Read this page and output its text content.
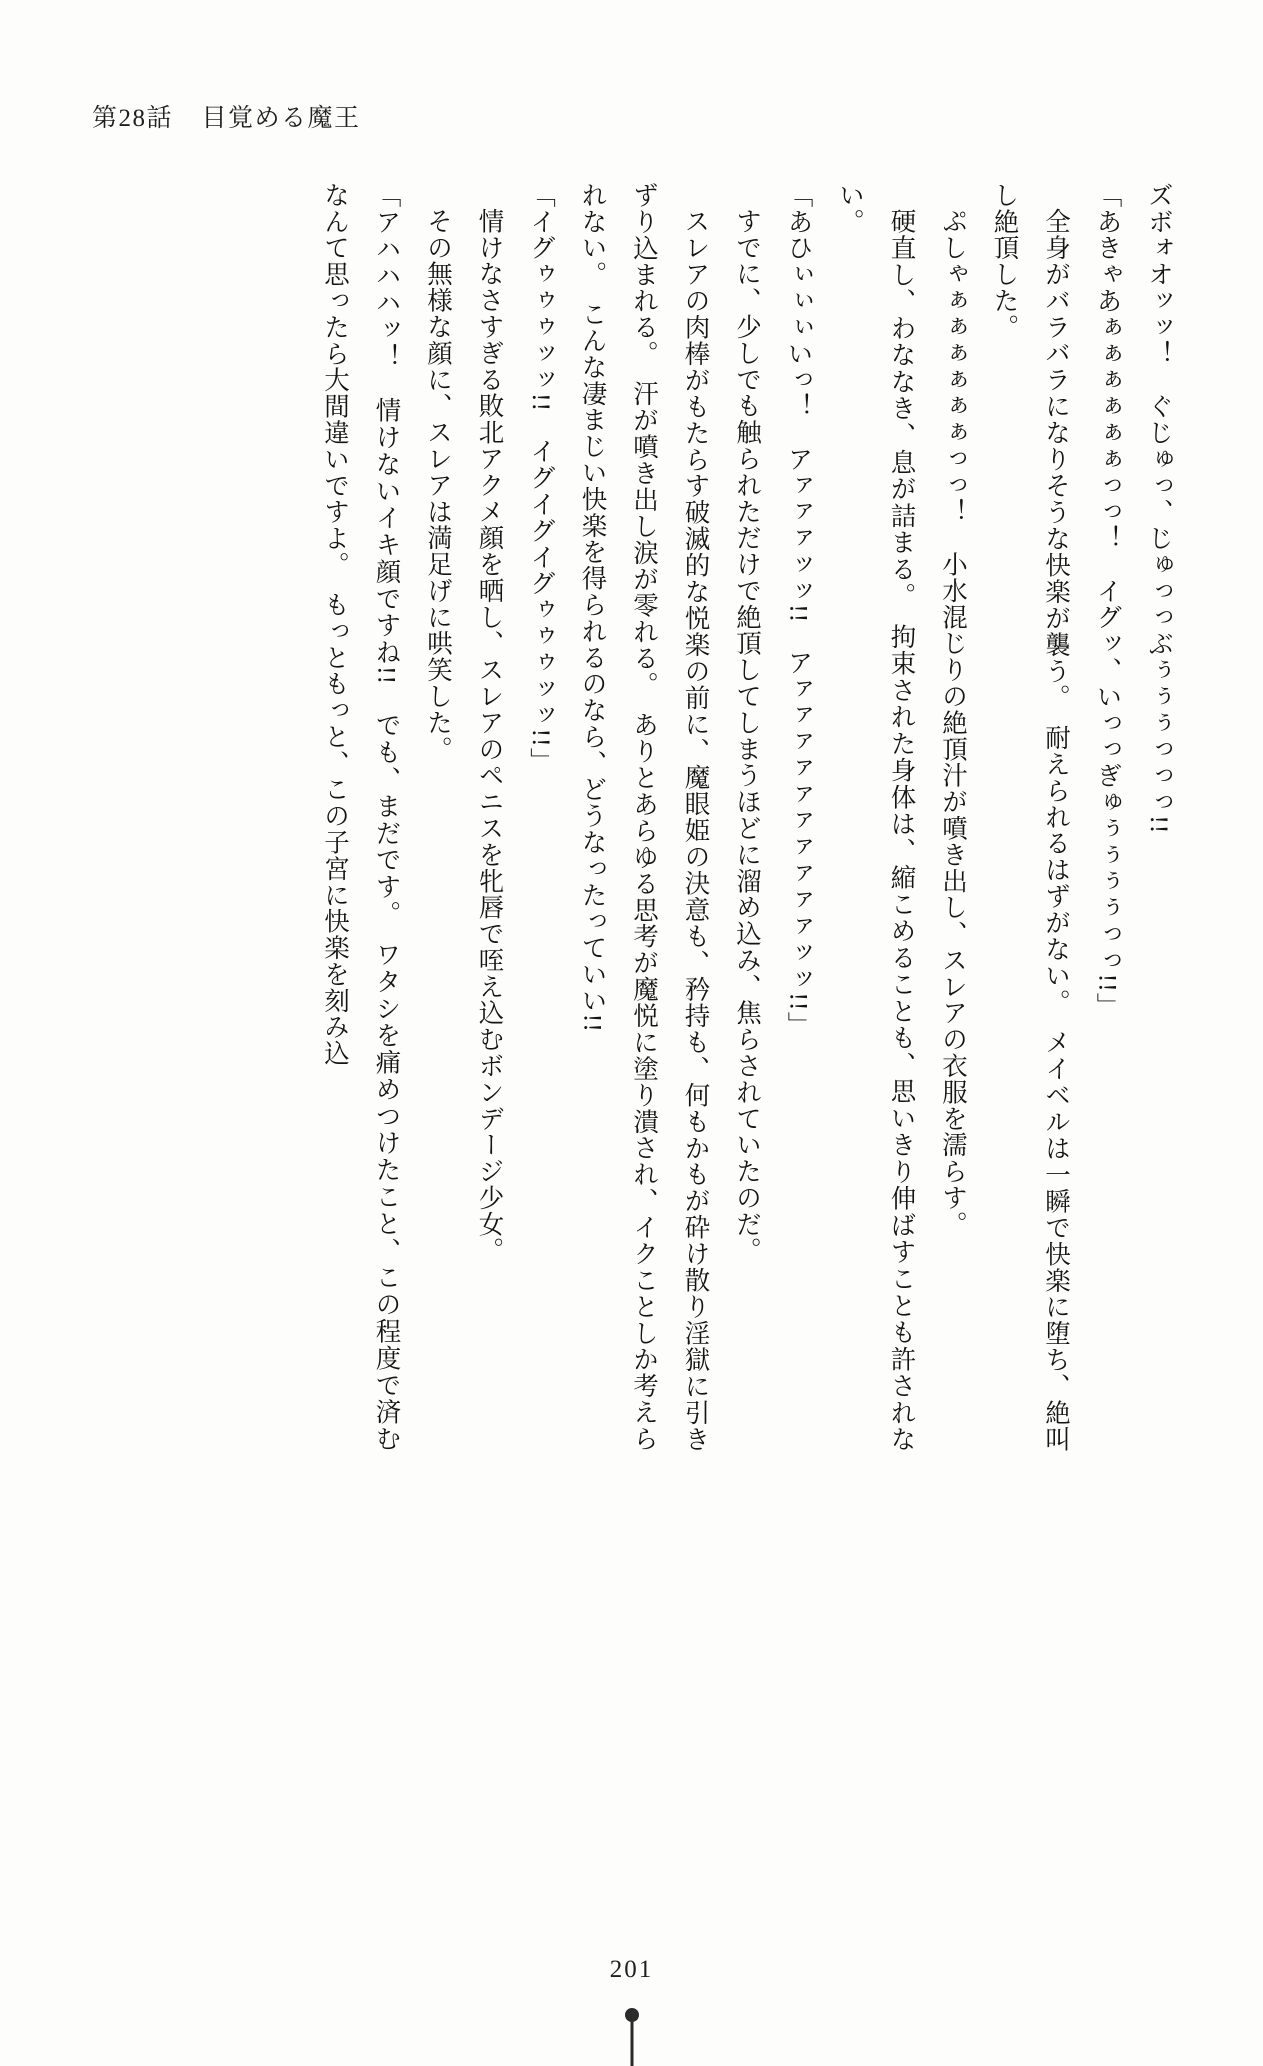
第28話 目覚める魔王

ズボォオッッ！　ぐじゅっ、じゅっっぶぅぅぅっっっ!!

「あきゃあぁぁぁぁぁぁっっ！　イグッ、いっっぎゅぅぅぅぅっっ!!」

全身がバラバラになりそうな快楽が襲う。　耐えられるはずがない。　メイベルは一瞬で快楽に堕ち、絶叫し絶頂した。

ぷしゃぁぁぁぁぁぁっっ！　小水混じりの絶頂汁が噴き出し、スレアの衣服を濡らす。

硬直し、わななき、息が詰まる。　拘束された身体は、縮こめることも、思いきり伸ばすことも許されない。

「あひぃぃぃいっ！　アァァァッッ!!　アァァァァァァァァァァッッ!!」

すでに、少しでも触られただけで絶頂してしまうほどに溜め込み、焦らされていたのだ。

スレアの肉棒がもたらす破滅的な悦楽の前に、魔眼姫の決意も、矜持も、何もかもが砕け散り淫獄に引きずり込まれる。　汗が噴き出し涙が零れる。　ありとあらゆる思考が魔悦に塗り潰され、イクことしか考えられない。　こんな凄まじい快楽を得られるのなら、どうなったっていい!!

「イグゥゥゥッッ!!　イグイグイグゥゥゥッッ!!」

情けなさすぎる敗北アクメ顔を晒し、スレアのペニスを牝唇で咥え込むボンデージ少女。

その無様な顔に、スレアは満足げに哄笑した。

「アハハハッ！　情けないイキ顔ですね!!　でも、まだです。　ワタシを痛めつけたこと、この程度で済むなんて思ったら大間違いですよ。　もっともっと、この子宮に快楽を刻み込

201
